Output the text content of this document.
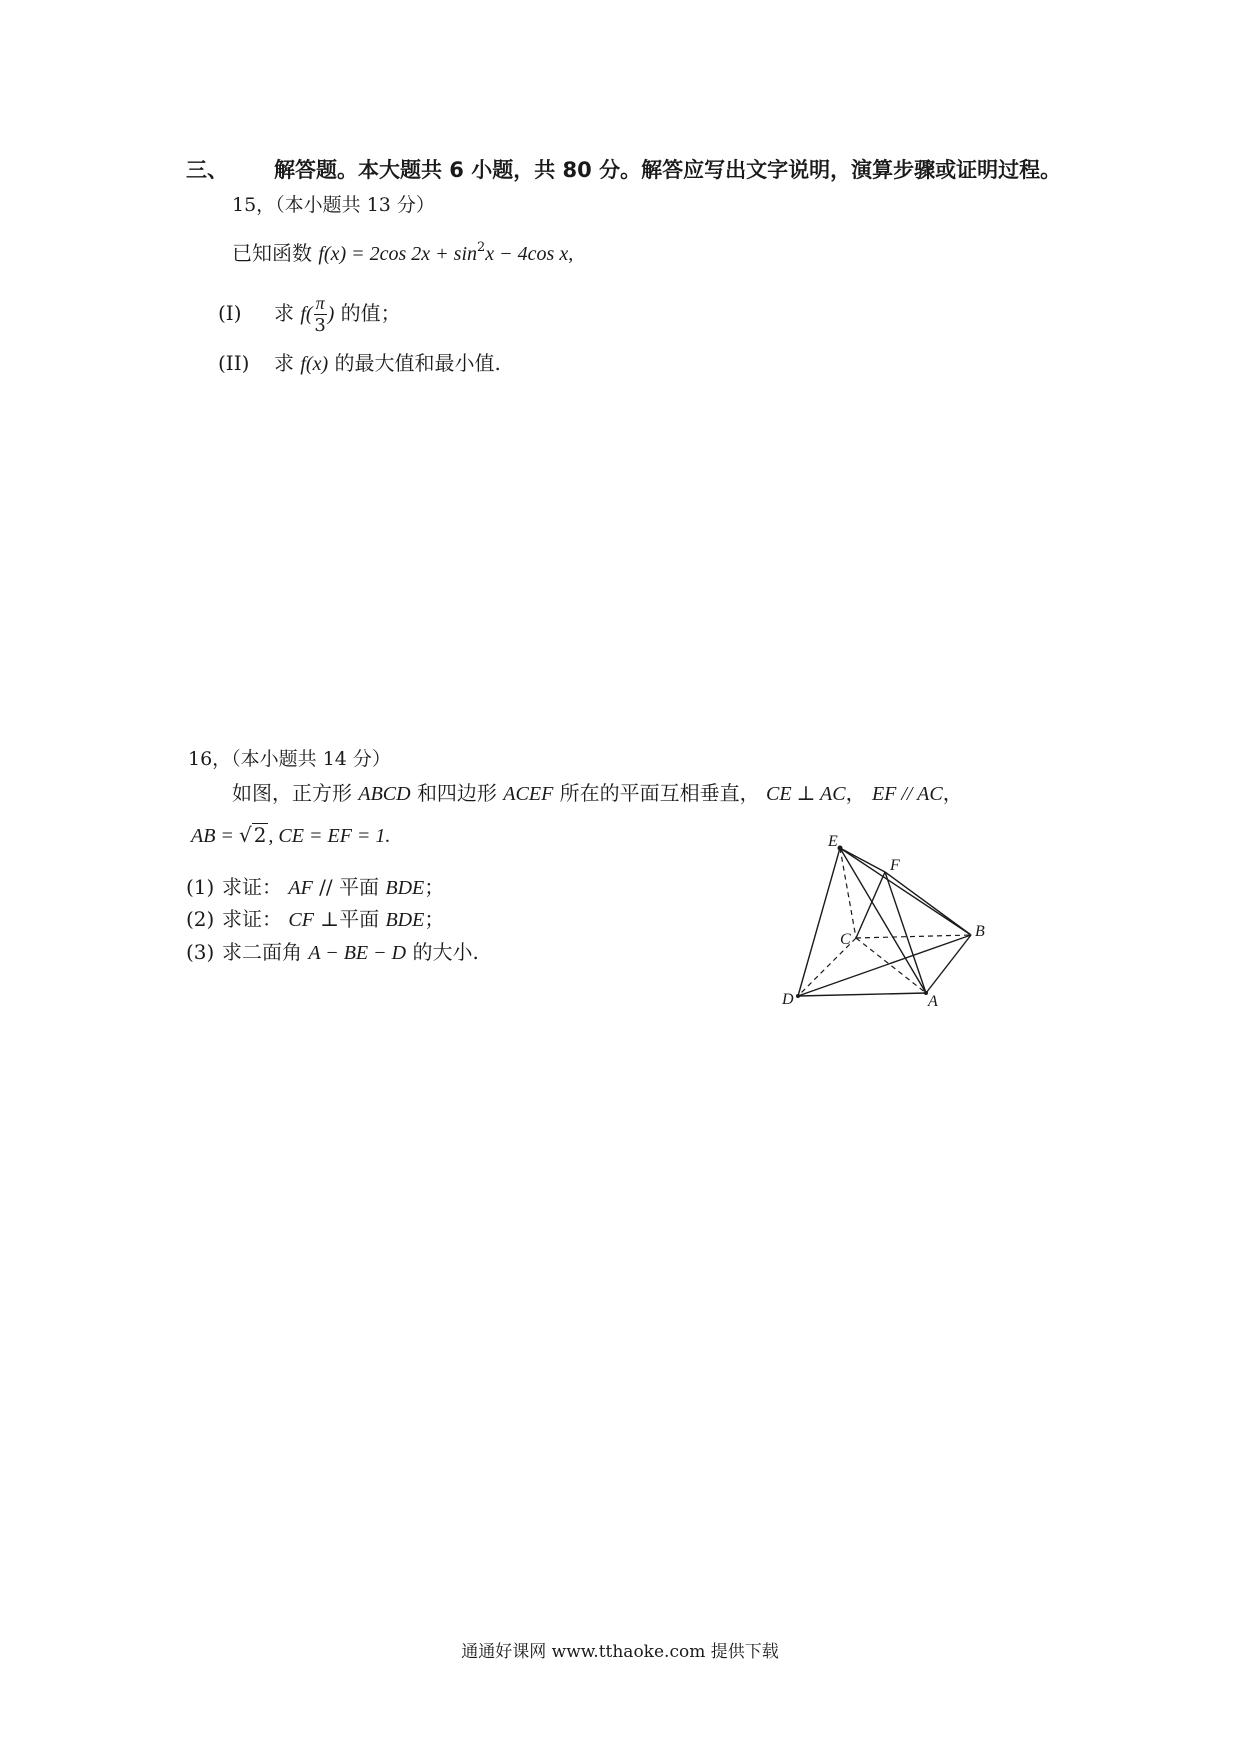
三、 解答题。本大题共 6 小题，共 80 分。解答应写出文字说明，演算步骤或证明过程。
15，（本小题共 13 分）
已知函数 f(x) = 2cos $2x + \sin^2x - 4\cos$ x,
(I) 求 $f( \frac{\pi}{3}$ ) 的值；
(II) 求 f(x) 的最大值和最小值.
16，（本小题共 14 分）
如图，正方形 ABCD 和四边形 ACEF 所在的平面互相垂直， CE ⊥ AC， EF // AC，
AB = √ 2 , CE = EF = 1.
(1) 求证： AF // 平面 BDE；
(2) 求证： CF ⊥平面 BDE；
(3) 求二面角 A − BE − D 的大小.
E
F
B
C
D	A
通通好课网 www.tthaoke.com 提供下载
